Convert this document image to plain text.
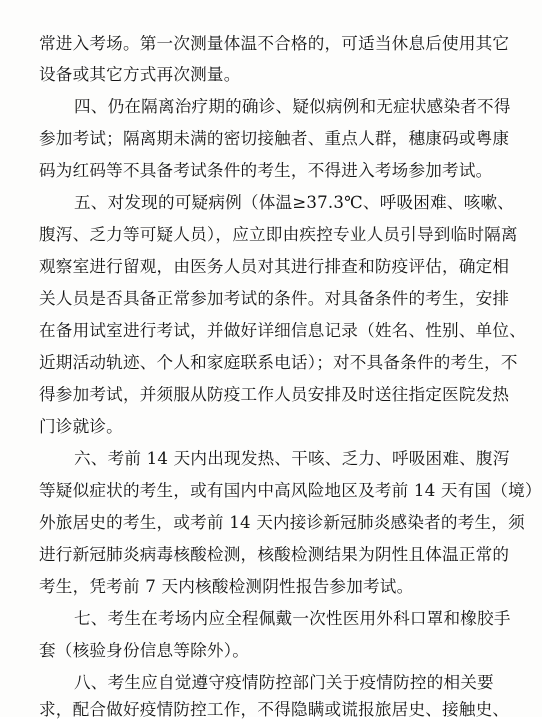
常进入考场。第一次测量体温不合格的，可适当休息后使用其它
设备或其它方式再次测量。
四、仍在隔离治疗期的确诊、疑似病例和无症状感染者不得
参加考试；隔离期未满的密切接触者、重点人群，穗康码或粤康
码为红码等不具备考试条件的考生，不得进入考场参加考试。
五、对发现的可疑病例（体温≥37.3℃、呼吸困难、咳嗽、
腹泻、乏力等可疑人员），应立即由疾控专业人员引导到临时隔离
观察室进行留观，由医务人员对其进行排查和防疫评估，确定相
关人员是否具备正常参加考试的条件。对具备条件的考生，安排
在备用试室进行考试，并做好详细信息记录（姓名、性别、单位、
近期活动轨迹、个人和家庭联系电话）；对不具备条件的考生，不
得参加考试，并须服从防疫工作人员安排及时送往指定医院发热
门诊就诊。
六、考前 14 天内出现发热、干咳、乏力、呼吸困难、腹泻
等疑似症状的考生，或有国内中高风险地区及考前 14 天有国（境）
外旅居史的考生，或考前 14 天内接诊新冠肺炎感染者的考生，须
进行新冠肺炎病毒核酸检测，核酸检测结果为阴性且体温正常的
考生，凭考前 7 天内核酸检测阴性报告参加考试。
七、考生在考场内应全程佩戴一次性医用外科口罩和橡胶手
套（核验身份信息等除外）。
八、考生应自觉遵守疫情防控部门关于疫情防控的相关要
求，配合做好疫情防控工作，不得隐瞒或谎报旅居史、接触史、
